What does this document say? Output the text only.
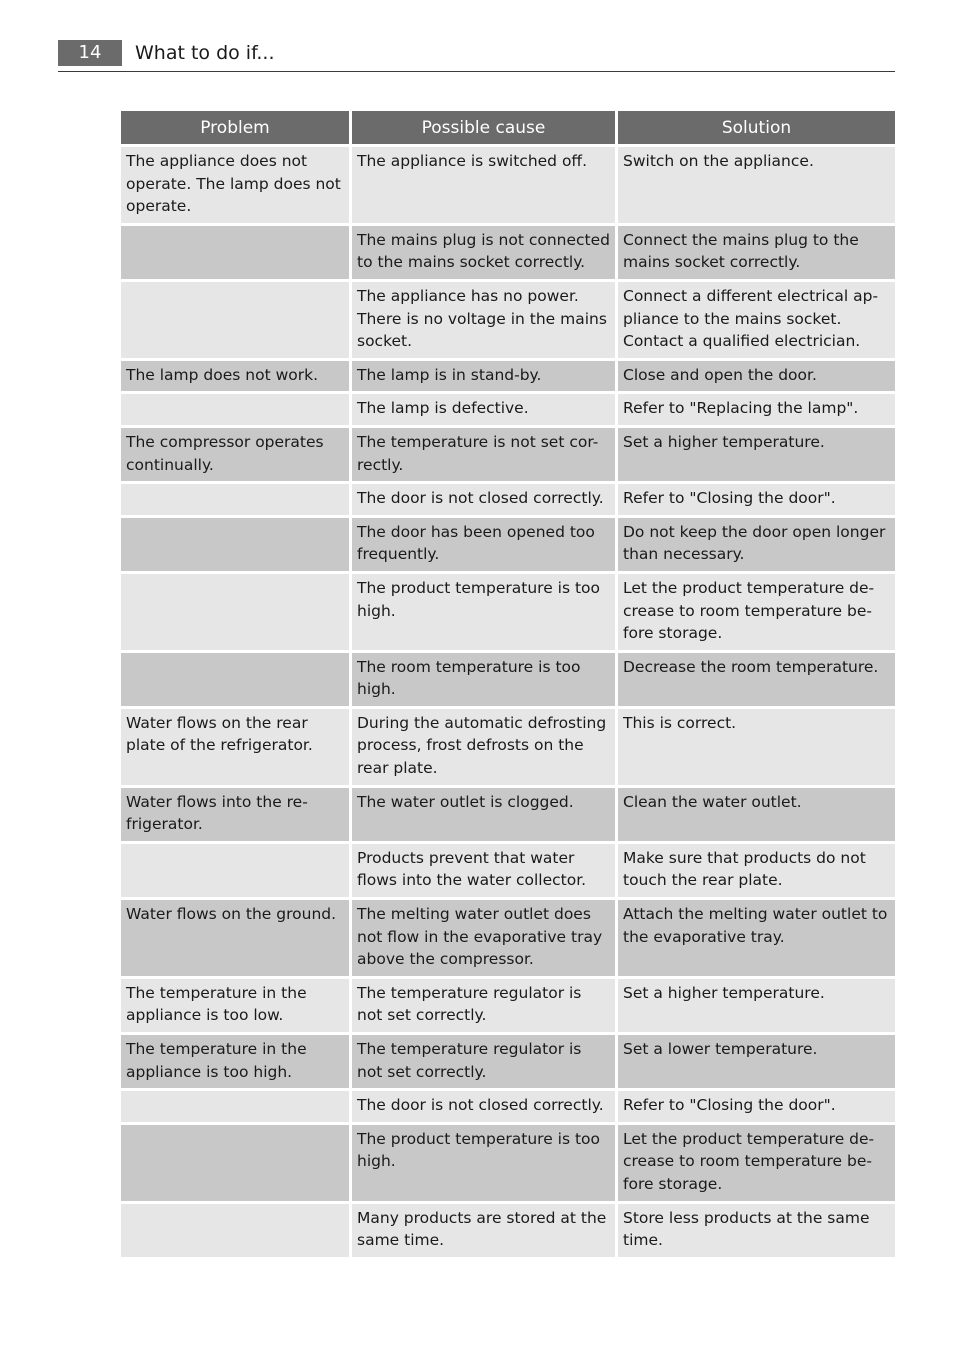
14	What to do if...
Problem	Possible cause	Solution
The appliance does not operate. The lamp does not operate.	The appliance is switched off.	Switch on the appliance.
	The mains plug is not connected to the mains socket correctly.	Connect the mains plug to the mains socket correctly.
	The appliance has no power. There is no voltage in the mains socket.	Connect a different electrical ap-pliance to the mains socket. Contact a qualified electrician.
The lamp does not work.	The lamp is in stand-by.	Close and open the door.
	The lamp is defective.	Refer to "Replacing the lamp".
The compressor operates continually.	The temperature is not set cor-rectly.	Set a higher temperature.
	The door is not closed correctly.	Refer to "Closing the door".
	The door has been opened too frequently.	Do not keep the door open longer than necessary.
	The product temperature is too high.	Let the product temperature de-crease to room temperature be-fore storage.
	The room temperature is too high.	Decrease the room temperature.
Water flows on the rear plate of the refrigerator.	During the automatic defrosting process, frost defrosts on the rear plate.	This is correct.
Water flows into the re-frigerator.	The water outlet is clogged.	Clean the water outlet.
	Products prevent that water flows into the water collector.	Make sure that products do not touch the rear plate.
Water flows on the ground.	The melting water outlet does not flow in the evaporative tray above the compressor.	Attach the melting water outlet to the evaporative tray.
The temperature in the appliance is too low.	The temperature regulator is not set correctly.	Set a higher temperature.
The temperature in the appliance is too high.	The temperature regulator is not set correctly.	Set a lower temperature.
	The door is not closed correctly.	Refer to "Closing the door".
	The product temperature is too high.	Let the product temperature de-crease to room temperature be-fore storage.
	Many products are stored at the same time.	Store less products at the same time.
